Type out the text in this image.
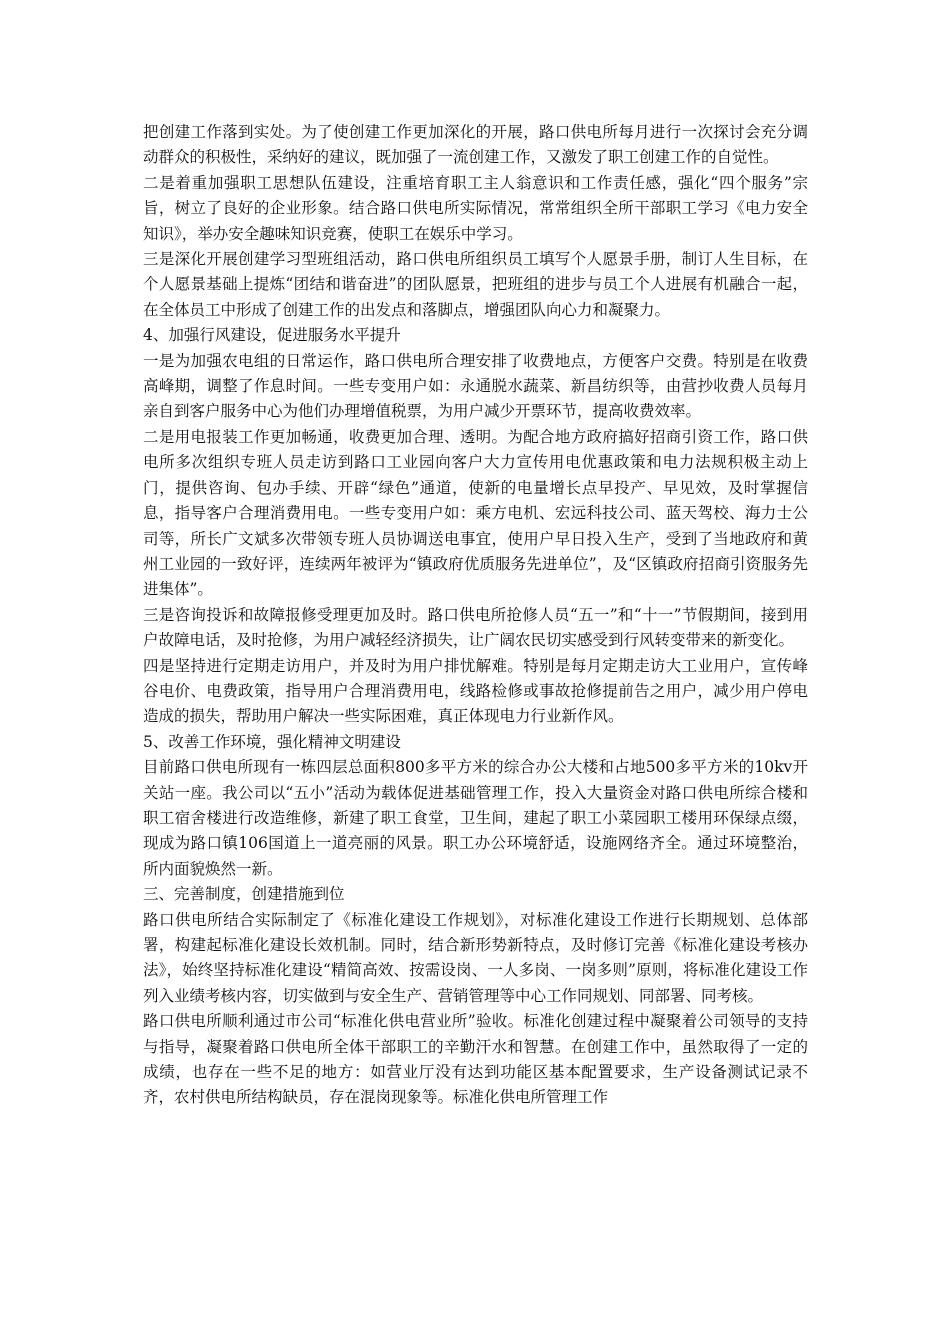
把创建工作落到实处。为了使创建工作更加深化的开展，路口供电所每月进行一次探讨会充分调动群众的积极性，采纳好的建议，既加强了一流创建工作，又激发了职工创建工作的自觉性。

二是着重加强职工思想队伍建设，注重培育职工主人翁意识和工作责任感，强化“四个服务”宗旨，树立了良好的企业形象。结合路口供电所实际情况，常常组织全所干部职工学习《电力安全知识》，举办安全趣味知识竞赛，使职工在娱乐中学习。

三是深化开展创建学习型班组活动，路口供电所组织员工填写个人愿景手册，制订人生目标，在个人愿景基础上提炼“团结和谐奋进”的团队愿景，把班组的进步与员工个人进展有机融合一起，在全体员工中形成了创建工作的出发点和落脚点，增强团队向心力和凝聚力。

4、加强行风建设，促进服务水平提升

一是为加强农电组的日常运作，路口供电所合理安排了收费地点，方便客户交费。特别是在收费高峰期，调整了作息时间。一些专变用户如：永通脱水蔬菜、新昌纺织等，由营抄收费人员每月亲自到客户服务中心为他们办理增值税票，为用户减少开票环节，提高收费效率。

二是用电报装工作更加畅通，收费更加合理、透明。为配合地方政府搞好招商引资工作，路口供电所多次组织专班人员走访到路口工业园向客户大力宣传用电优惠政策和电力法规积极主动上门，提供咨询、包办手续、开辟“绿色”通道，使新的电量增长点早投产、早见效，及时掌握信息，指导客户合理消费用电。一些专变用户如：乘方电机、宏远科技公司、蓝天驾校、海力士公司等，所长广文斌多次带领专班人员协调送电事宜，使用户早日投入生产，受到了当地政府和黄州工业园的一致好评，连续两年被评为“镇政府优质服务先进单位”，及“区镇政府招商引资服务先进集体”。

三是咨询投诉和故障报修受理更加及时。路口供电所抢修人员“五一”和“十一”节假期间，接到用户故障电话，及时抢修，为用户减轻经济损失，让广阔农民切实感受到行风转变带来的新变化。

四是坚持进行定期走访用户，并及时为用户排忧解难。特别是每月定期走访大工业用户，宣传峰谷电价、电费政策，指导用户合理消费用电，线路检修或事故抢修提前告之用户，减少用户停电造成的损失，帮助用户解决一些实际困难，真正体现电力行业新作风。

5、改善工作环境，强化精神文明建设

目前路口供电所现有一栋四层总面积800多平方米的综合办公大楼和占地500多平方米的10kv开关站一座。我公司以“五小”活动为载体促进基础管理工作，投入大量资金对路口供电所综合楼和职工宿舍楼进行改造维修，新建了职工食堂，卫生间，建起了职工小菜园职工楼用环保绿点缀，现成为路口镇106国道上一道亮丽的风景。职工办公环境舒适，设施网络齐全。通过环境整治，所内面貌焕然一新。

三、完善制度，创建措施到位

路口供电所结合实际制定了《标准化建设工作规划》，对标准化建设工作进行长期规划、总体部署，构建起标准化建设长效机制。同时，结合新形势新特点，及时修订完善《标准化建设考核办法》，始终坚持标准化建设“精简高效、按需设岗、一人多岗、一岗多则”原则，将标准化建设工作列入业绩考核内容，切实做到与安全生产、营销管理等中心工作同规划、同部署、同考核。

路口供电所顺利通过市公司“标准化供电营业所”验收。标准化创建过程中凝聚着公司领导的支持与指导，凝聚着路口供电所全体干部职工的辛勤汗水和智慧。在创建工作中，虽然取得了一定的成绩，也存在一些不足的地方：如营业厅没有达到功能区基本配置要求，生产设备测试记录不齐，农村供电所结构缺员，存在混岗现象等。标准化供电所管理工作
